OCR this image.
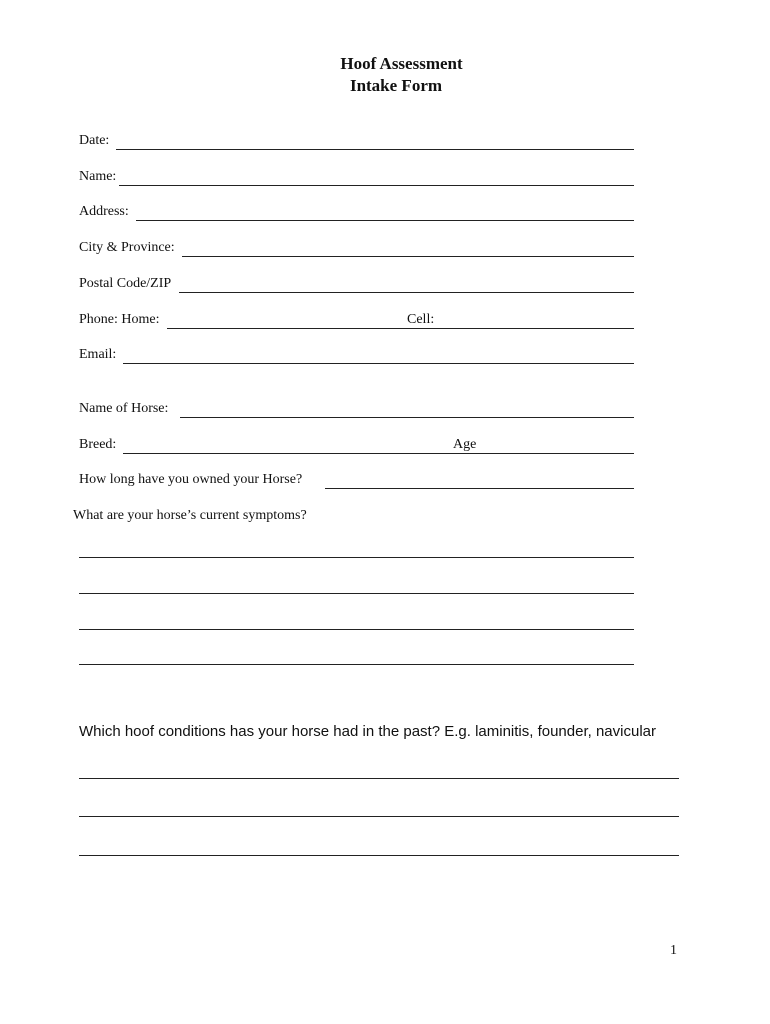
Hoof Assessment
Intake Form
Date:
Name:
Address:
City & Province:
Postal Code/ZIP
Phone: Home:	Cell:
Email:
Name of Horse:
Breed:	Age
How long have you owned your Horse?
What are your horse’s current symptoms?
Which hoof conditions has your horse had in the past? E.g. laminitis, founder, navicular
1
